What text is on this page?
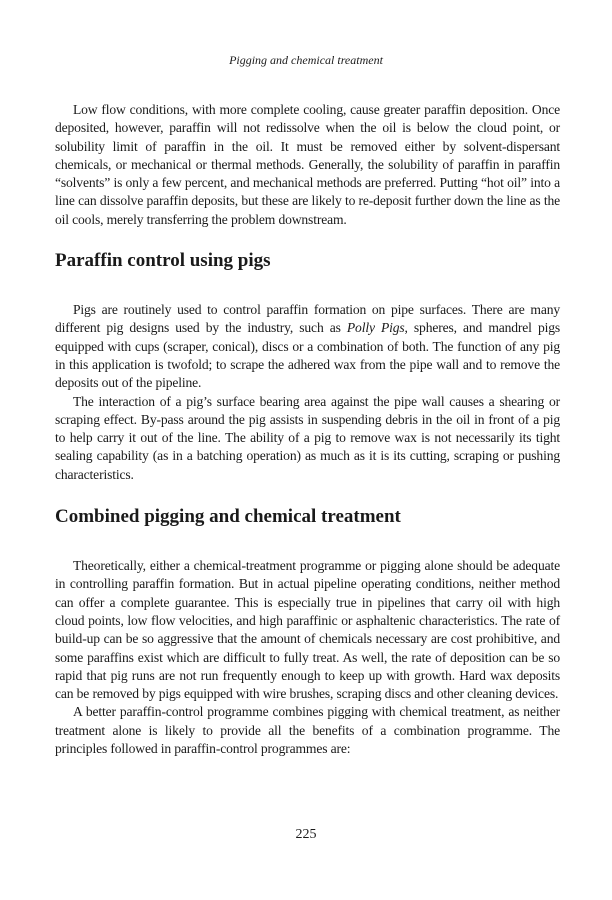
Pigging and chemical treatment

Low flow conditions, with more complete cooling, cause greater paraffin deposition. Once deposited, however, paraffin will not redissolve when the oil is below the cloud point, or solubility limit of paraffin in the oil. It must be removed either by solvent-dispersant chemicals, or mechanical or thermal methods. Generally, the solubility of paraffin in paraffin “solvents” is only a few percent, and mechanical methods are preferred. Putting “hot oil” into a line can dissolve paraffin deposits, but these are likely to re-deposit further down the line as the oil cools, merely transferring the problem downstream.

Paraffin control using pigs

Pigs are routinely used to control paraffin formation on pipe surfaces. There are many different pig designs used by the industry, such as Polly Pigs, spheres, and mandrel pigs equipped with cups (scraper, conical), discs or a combination of both. The function of any pig in this application is twofold; to scrape the adhered wax from the pipe wall and to remove the deposits out of the pipeline.

The interaction of a pig’s surface bearing area against the pipe wall causes a shearing or scraping effect. By-pass around the pig assists in suspending debris in the oil in front of a pig to help carry it out of the line. The ability of a pig to remove wax is not necessarily its tight sealing capability (as in a batching operation) as much as it is its cutting, scraping or pushing characteristics.

Combined pigging and chemical treatment

Theoretically, either a chemical-treatment programme or pigging alone should be adequate in controlling paraffin formation. But in actual pipeline operating conditions, neither method can offer a complete guarantee. This is especially true in pipelines that carry oil with high cloud points, low flow velocities, and high paraffinic or asphaltenic characteristics. The rate of build-up can be so aggressive that the amount of chemicals necessary are cost prohibitive, and some paraffins exist which are difficult to fully treat. As well, the rate of deposition can be so rapid that pig runs are not run frequently enough to keep up with growth. Hard wax deposits can be removed by pigs equipped with wire brushes, scraping discs and other cleaning devices.

A better paraffin-control programme combines pigging with chemical treatment, as neither treatment alone is likely to provide all the benefits of a combination programme. The principles followed in paraffin-control programmes are:

225
